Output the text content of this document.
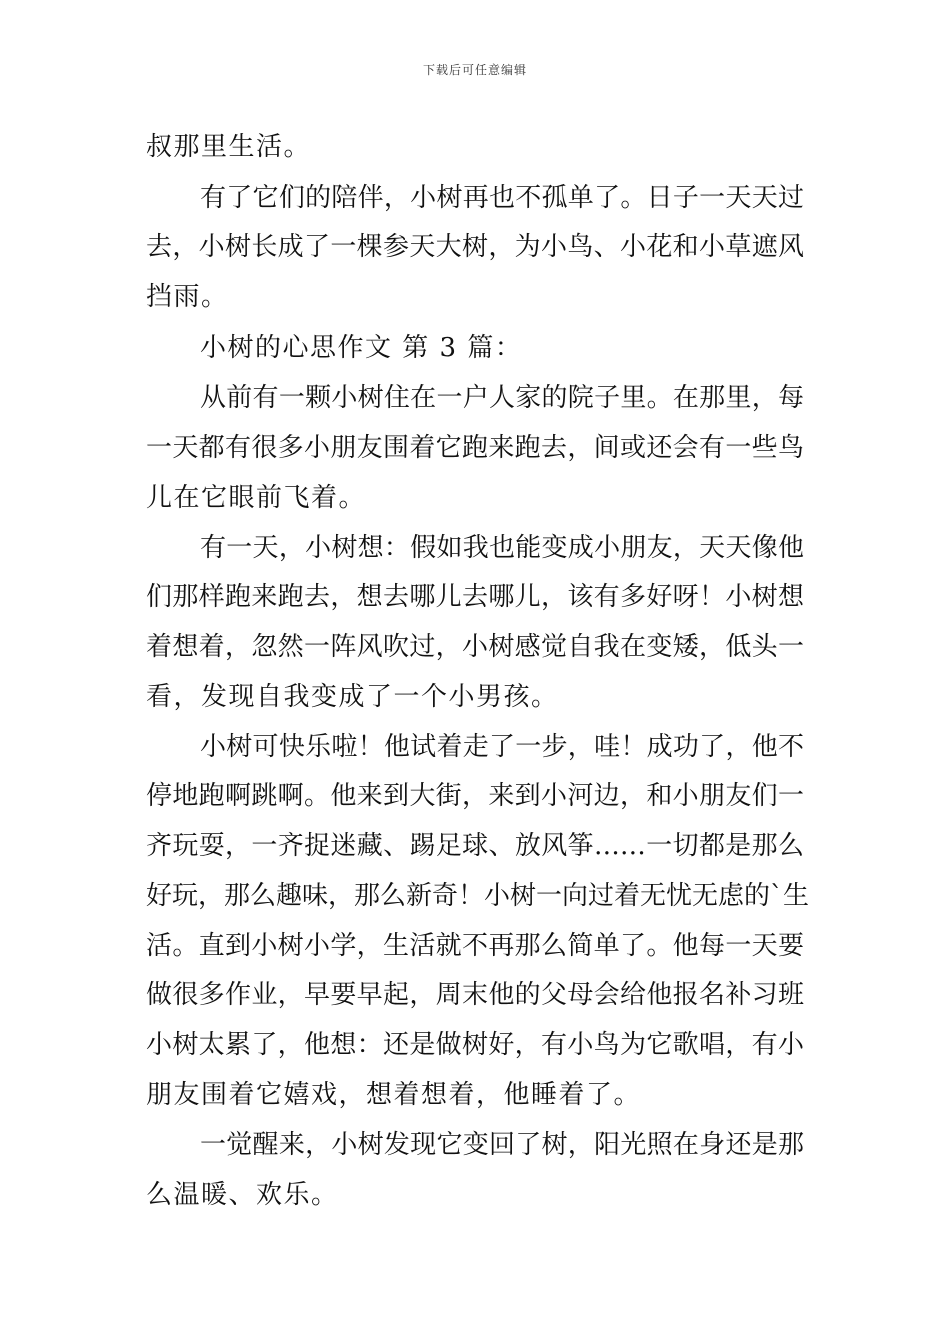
下载后可任意编辑
叔那里生活。
有了它们的陪伴，小树再也不孤单了。日子一天天过
去，小树长成了一棵参天大树，为小鸟、小花和小草遮风
挡雨。
小树的心思作文 第 3 篇：
从前有一颗小树住在一户人家的院子里。在那里，每
一天都有很多小朋友围着它跑来跑去，间或还会有一些鸟
儿在它眼前飞着。
有一天，小树想：假如我也能变成小朋友，天天像他
们那样跑来跑去，想去哪儿去哪儿，该有多好呀！小树想
着想着，忽然一阵风吹过，小树感觉自我在变矮，低头一
看，发现自我变成了一个小男孩。
小树可快乐啦！他试着走了一步，哇！成功了，他不
停地跑啊跳啊。他来到大街，来到小河边，和小朋友们一
齐玩耍，一齐捉迷藏、踢足球、放风筝……一切都是那么
好玩，那么趣味，那么新奇！小树一向过着无忧无虑的`生
活。直到小树小学，生活就不再那么简单了。他每一天要
做很多作业，早要早起，周末他的父母会给他报名补习班
小树太累了，他想：还是做树好，有小鸟为它歌唱，有小
朋友围着它嬉戏，想着想着，他睡着了。
一觉醒来，小树发现它变回了树，阳光照在身还是那
么温暖、欢乐。
